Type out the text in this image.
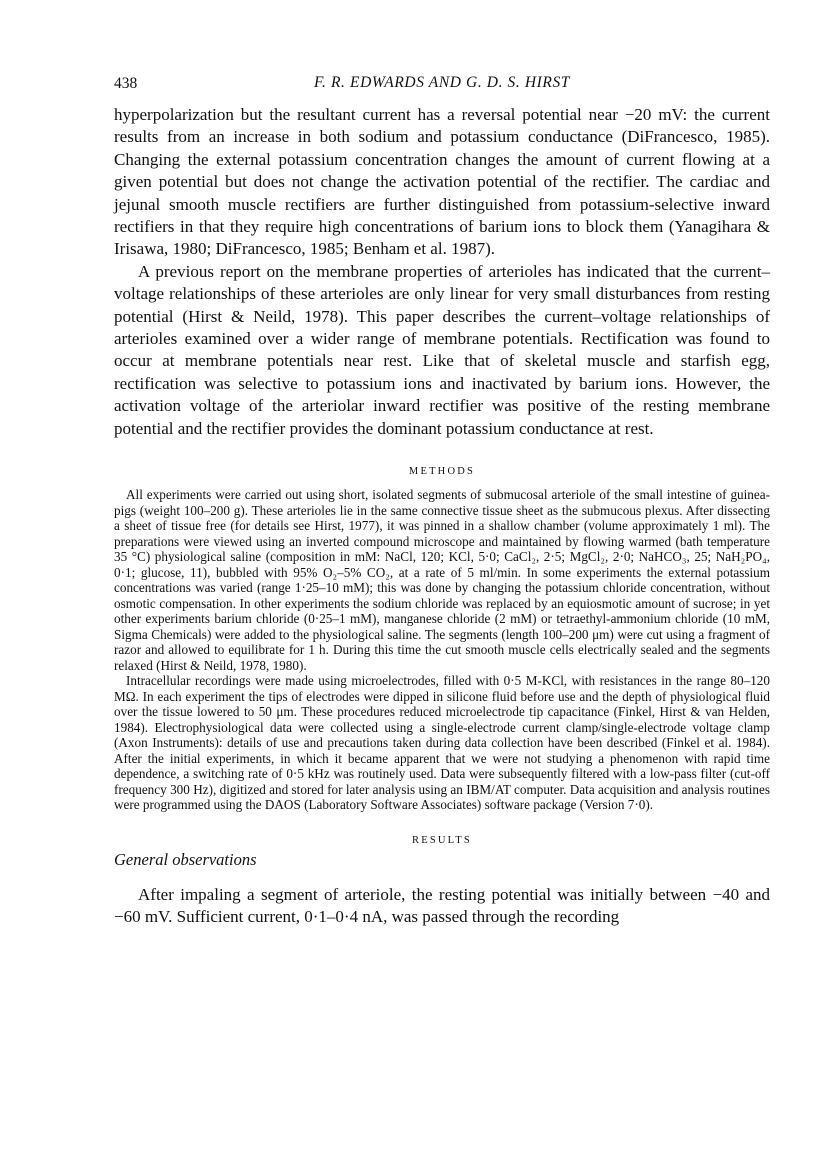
438	F. R. EDWARDS AND G. D. S. HIRST

hyperpolarization but the resultant current has a reversal potential near −20 mV: the current results from an increase in both sodium and potassium conductance (DiFrancesco, 1985). Changing the external potassium concentration changes the amount of current flowing at a given potential but does not change the activation potential of the rectifier. The cardiac and jejunal smooth muscle rectifiers are further distinguished from potassium-selective inward rectifiers in that they require high concentrations of barium ions to block them (Yanagihara & Irisawa, 1980; DiFrancesco, 1985; Benham et al. 1987).

A previous report on the membrane properties of arterioles has indicated that the current–voltage relationships of these arterioles are only linear for very small disturbances from resting potential (Hirst & Neild, 1978). This paper describes the current–voltage relationships of arterioles examined over a wider range of membrane potentials. Rectification was found to occur at membrane potentials near rest. Like that of skeletal muscle and starfish egg, rectification was selective to potassium ions and inactivated by barium ions. However, the activation voltage of the arteriolar inward rectifier was positive of the resting membrane potential and the rectifier provides the dominant potassium conductance at rest.

METHODS

All experiments were carried out using short, isolated segments of submucosal arteriole of the small intestine of guinea-pigs (weight 100–200 g). These arterioles lie in the same connective tissue sheet as the submucous plexus. After dissecting a sheet of tissue free (for details see Hirst, 1977), it was pinned in a shallow chamber (volume approximately 1 ml). The preparations were viewed using an inverted compound microscope and maintained by flowing warmed (bath temperature 35 °C) physiological saline (composition in mM: NaCl, 120; KCl, 5·0; CaCl₂, 2·5; MgCl₂, 2·0; NaHCO₃, 25; NaH₂PO₄, 0·1; glucose, 11), bubbled with 95% O₂–5% CO₂, at a rate of 5 ml/min. In some experiments the external potassium concentrations was varied (range 1·25–10 mM); this was done by changing the potassium chloride concentration, without osmotic compensation. In other experiments the sodium chloride was replaced by an equiosmotic amount of sucrose; in yet other experiments barium chloride (0·25–1 mM), manganese chloride (2 mM) or tetraethyl-ammonium chloride (10 mM, Sigma Chemicals) were added to the physiological saline. The segments (length 100–200 μm) were cut using a fragment of razor and allowed to equilibrate for 1 h. During this time the cut smooth muscle cells electrically sealed and the segments relaxed (Hirst & Neild, 1978, 1980).

Intracellular recordings were made using microelectrodes, filled with 0·5 M-KCl, with resistances in the range 80–120 MΩ. In each experiment the tips of electrodes were dipped in silicone fluid before use and the depth of physiological fluid over the tissue lowered to 50 μm. These procedures reduced microelectrode tip capacitance (Finkel, Hirst & van Helden, 1984). Electrophysiological data were collected using a single-electrode current clamp/single-electrode voltage clamp (Axon Instruments): details of use and precautions taken during data collection have been described (Finkel et al. 1984). After the initial experiments, in which it became apparent that we were not studying a phenomenon with rapid time dependence, a switching rate of 0·5 kHz was routinely used. Data were subsequently filtered with a low-pass filter (cut-off frequency 300 Hz), digitized and stored for later analysis using an IBM/AT computer. Data acquisition and analysis routines were programmed using the DAOS (Laboratory Software Associates) software package (Version 7·0).

RESULTS

General observations

After impaling a segment of arteriole, the resting potential was initially between −40 and −60 mV. Sufficient current, 0·1–0·4 nA, was passed through the recording
